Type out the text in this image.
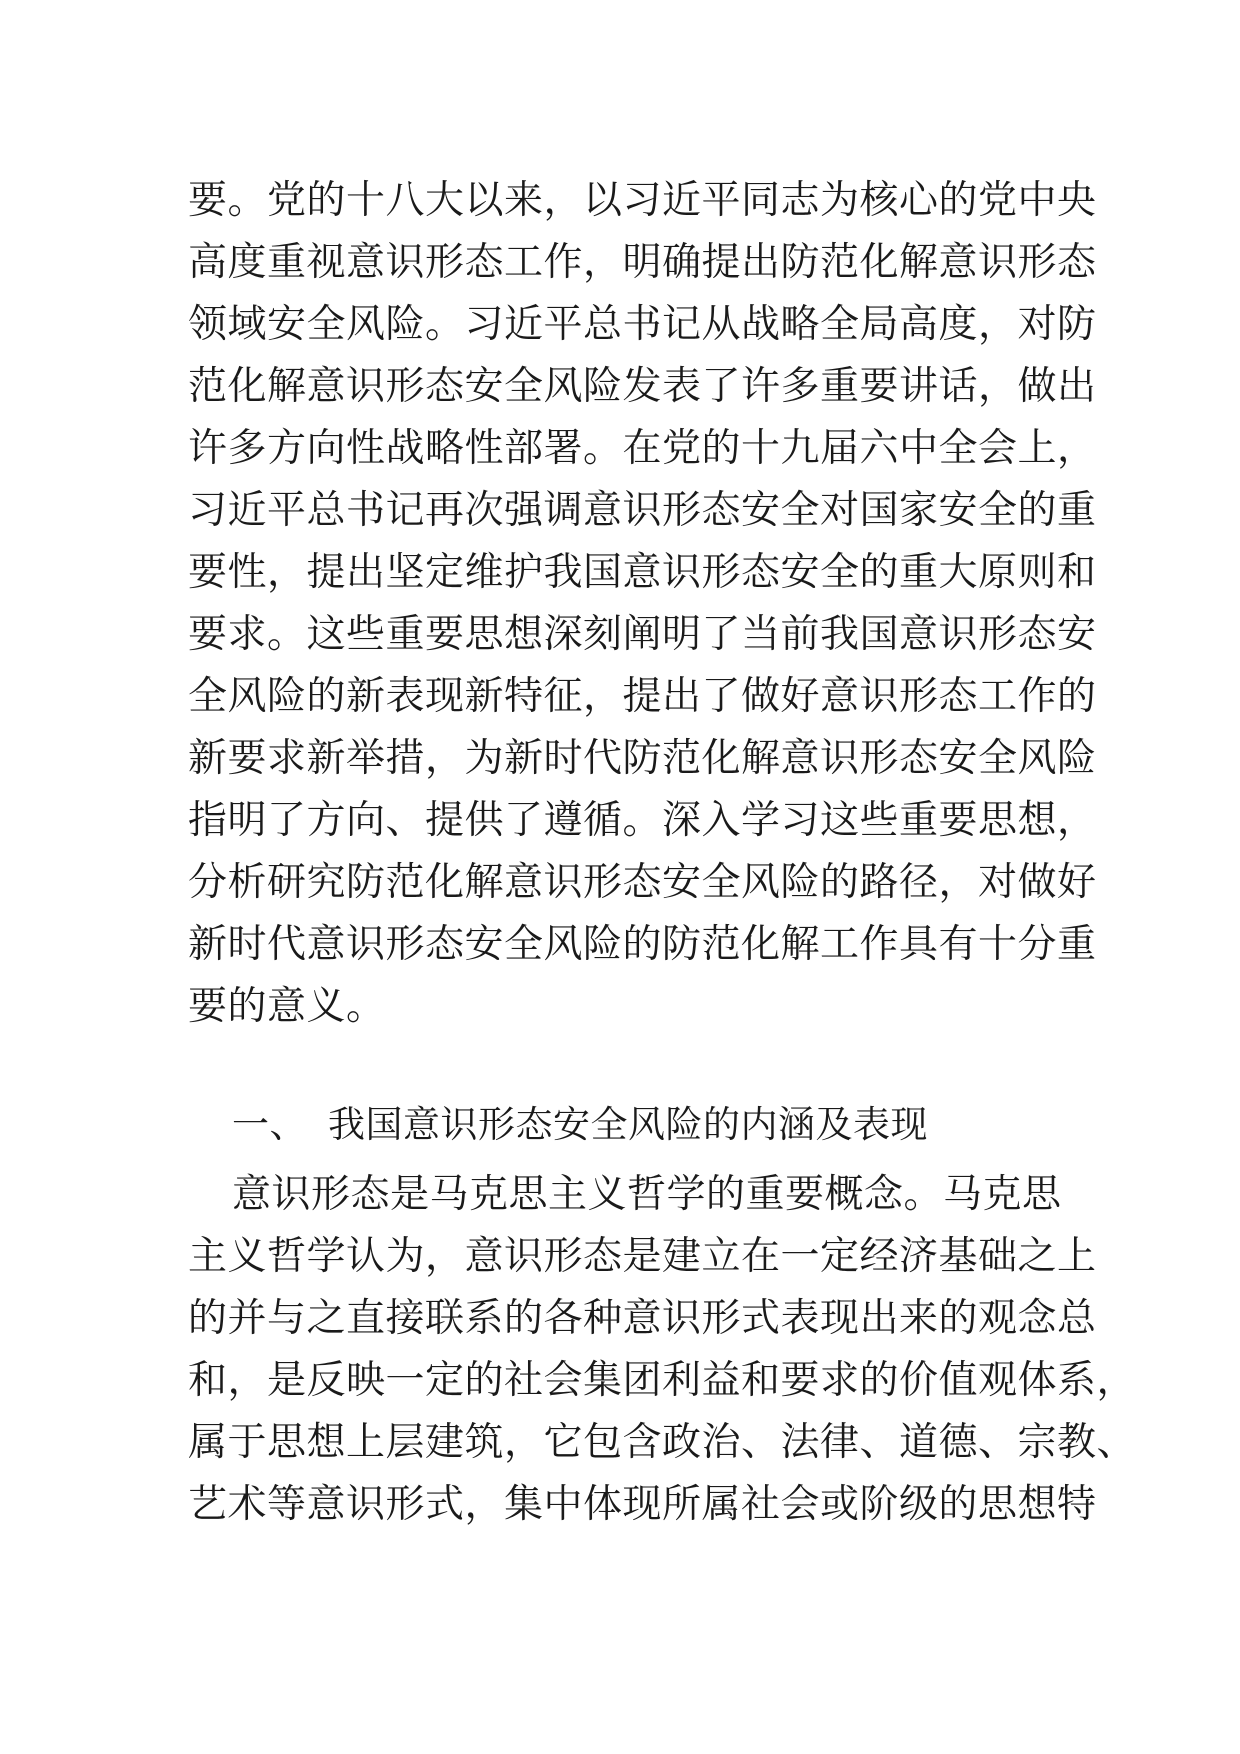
要。党的十八大以来，以习近平同志为核心的党中央
高度重视意识形态工作，明确提出防范化解意识形态
领域安全风险。习近平总书记从战略全局高度，对防
范化解意识形态安全风险发表了许多重要讲话，做出
许多方向性战略性部署。在党的十九届六中全会上，
习近平总书记再次强调意识形态安全对国家安全的重
要性，提出坚定维护我国意识形态安全的重大原则和
要求。这些重要思想深刻阐明了当前我国意识形态安
全风险的新表现新特征，提出了做好意识形态工作的
新要求新举措，为新时代防范化解意识形态安全风险
指明了方向、提供了遵循。深入学习这些重要思想，
分析研究防范化解意识形态安全风险的路径，对做好
新时代意识形态安全风险的防范化解工作具有十分重
要的意义。
一、 我国意识形态安全风险的内涵及表现
意识形态是马克思主义哲学的重要概念。马克思
主义哲学认为，意识形态是建立在一定经济基础之上
的并与之直接联系的各种意识形式表现出来的观念总
和，是反映一定的社会集团利益和要求的价值观体系，
属于思想上层建筑，它包含政治、法律、道德、宗教、
艺术等意识形式，集中体现所属社会或阶级的思想特
